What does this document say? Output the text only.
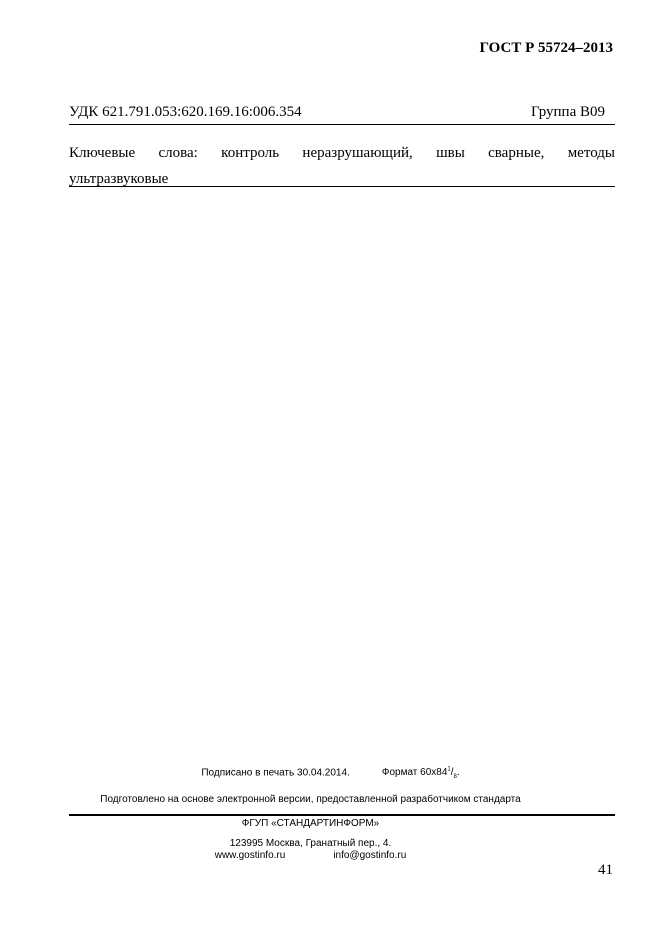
ГОСТ Р 55724–2013
УДК 621.791.053:620.169.16:006.354	Группа В09
Ключевые слова: контроль неразрушающий, швы сварные, методы
ультразвуковые
Подписано в печать 30.04.2014.	Формат $60х84^1/_8$.
Подготовлено на основе электронной версии, предоставленной разработчиком стандарта
ФГУП «СТАНДАРТИНФОРМ»
123995 Москва, Гранатный пер., 4.
www.gostinfo.ru	info@gostinfo.ru
41
